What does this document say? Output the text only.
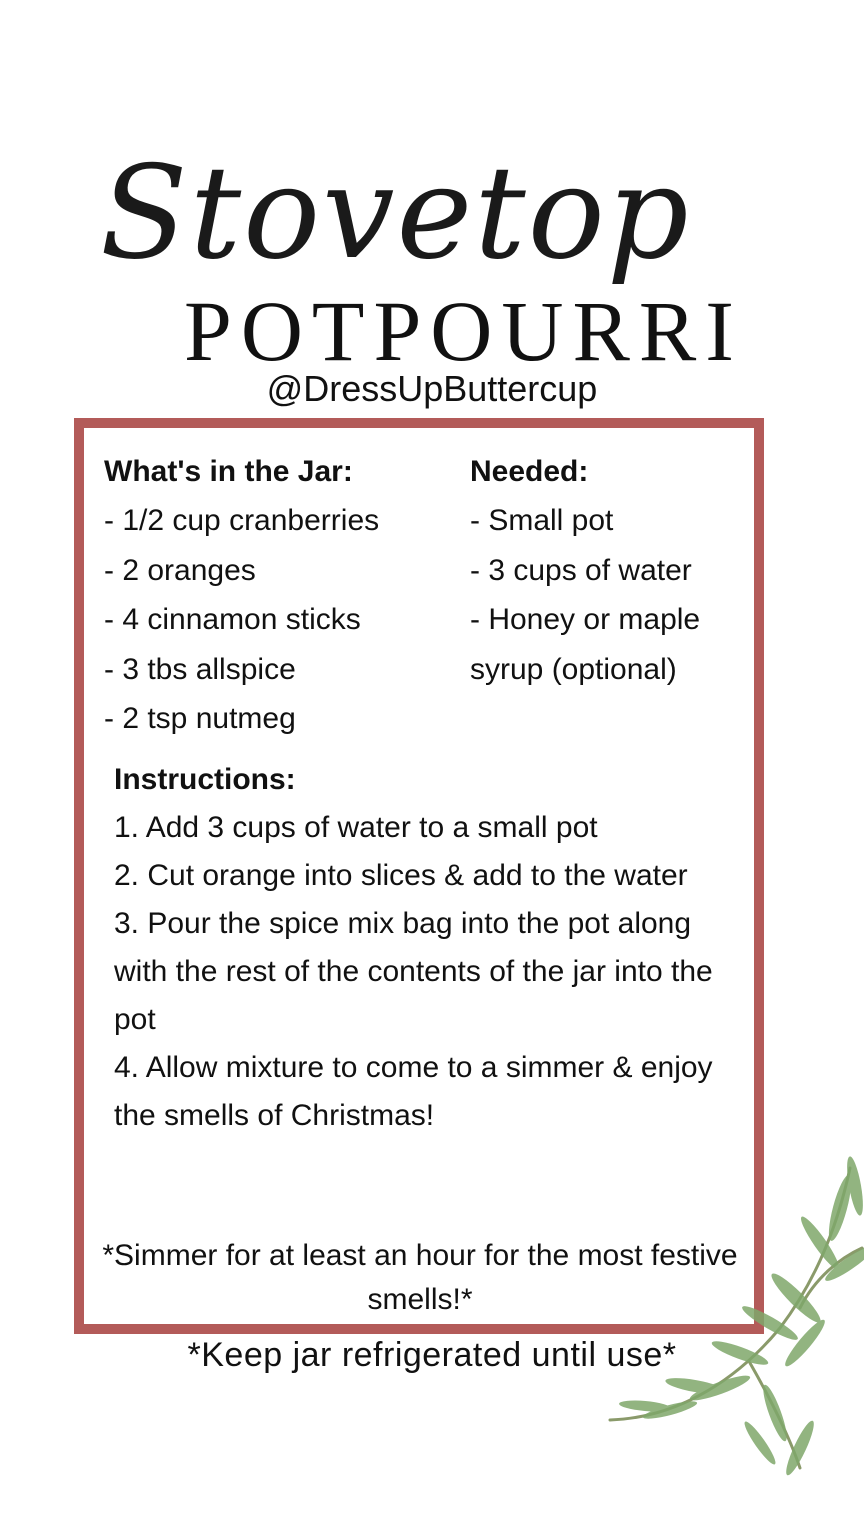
Stovetop
POTPOURRI
@DressUpButtercup
What's in the Jar:
- 1/2 cup cranberries
- 2 oranges
- 4 cinnamon sticks
- 3 tbs allspice
- 2 tsp nutmeg
Needed:
- Small pot
- 3 cups of water
- Honey or maple
syrup (optional)
Instructions:
1. Add 3 cups of water to a small pot
2. Cut orange into slices & add to the water
3. Pour the spice mix bag into the pot along with the rest of the contents of the jar into the pot
4. Allow mixture to come to a simmer & enjoy the smells of Christmas!
*Simmer for at least an hour for the most festive smells!*
*Keep jar refrigerated until use*
